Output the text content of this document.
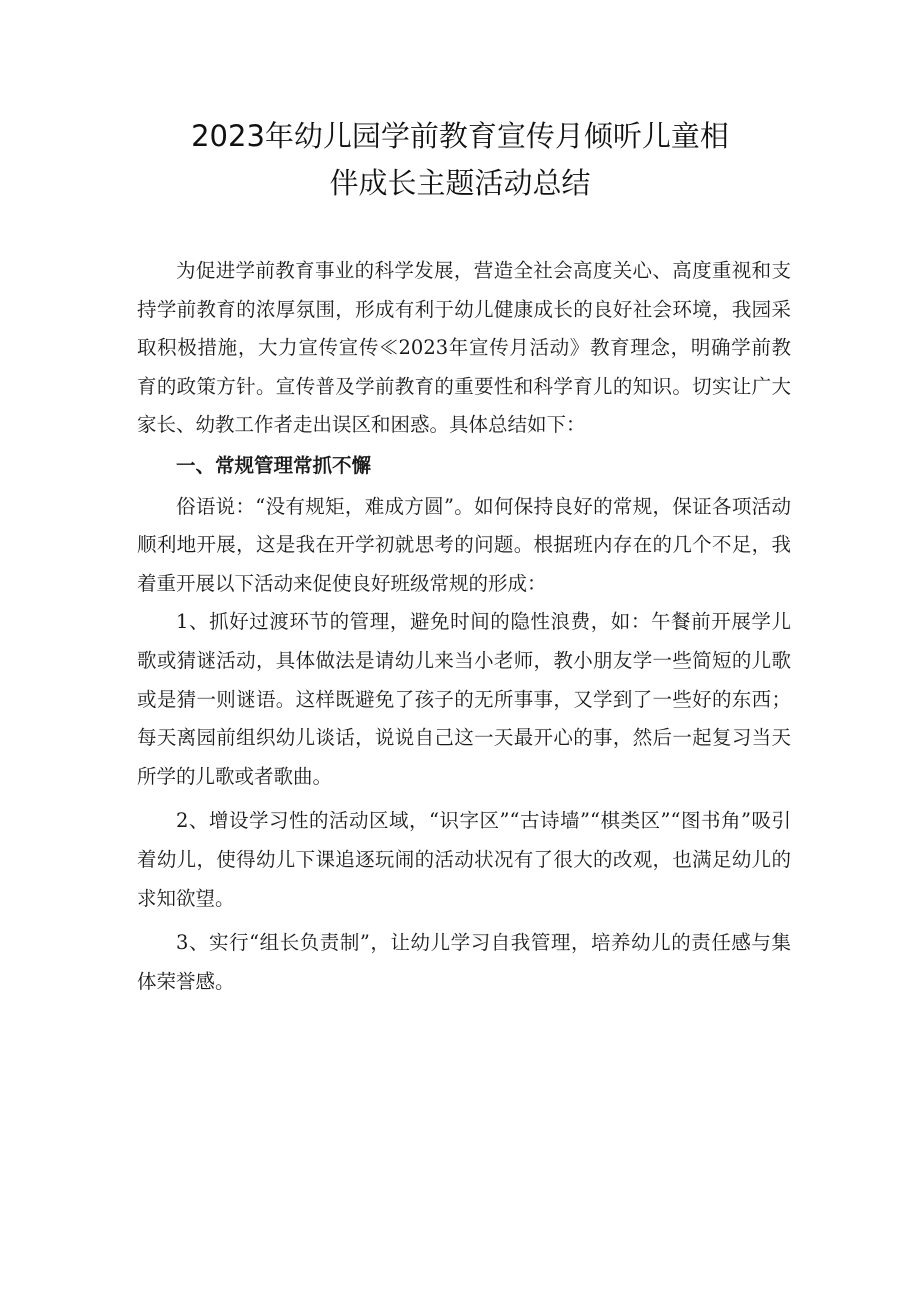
2023年幼儿园学前教育宣传月倾听儿童相
伴成长主题活动总结

为促进学前教育事业的科学发展，营造全社会高度关心、高度重视和支持学前教育的浓厚氛围，形成有利于幼儿健康成长的良好社会环境，我园采取积极措施，大力宣传宣传≪2023年宣传月活动》教育理念，明确学前教育的政策方针。宣传普及学前教育的重要性和科学育儿的知识。切实让广大家长、幼教工作者走出误区和困惑。具体总结如下：

一、常规管理常抓不懈

俗语说：“没有规矩，难成方圆”。如何保持良好的常规，保证各项活动顺利地开展，这是我在开学初就思考的问题。根据班内存在的几个不足，我着重开展以下活动来促使良好班级常规的形成：

1、抓好过渡环节的管理，避免时间的隐性浪费，如：午餐前开展学儿歌或猜谜活动，具体做法是请幼儿来当小老师，教小朋友学一些简短的儿歌或是猜一则谜语。这样既避免了孩子的无所事事，又学到了一些好的东西；每天离园前组织幼儿谈话，说说自己这一天最开心的事，然后一起复习当天所学的儿歌或者歌曲。

2、增设学习性的活动区域，“识字区”“古诗墙”“棋类区”“图书角”吸引着幼儿，使得幼儿下课追逐玩闹的活动状况有了很大的改观，也满足幼儿的求知欲望。

3、实行“组长负责制”，让幼儿学习自我管理，培养幼儿的责任感与集体荣誉感。
